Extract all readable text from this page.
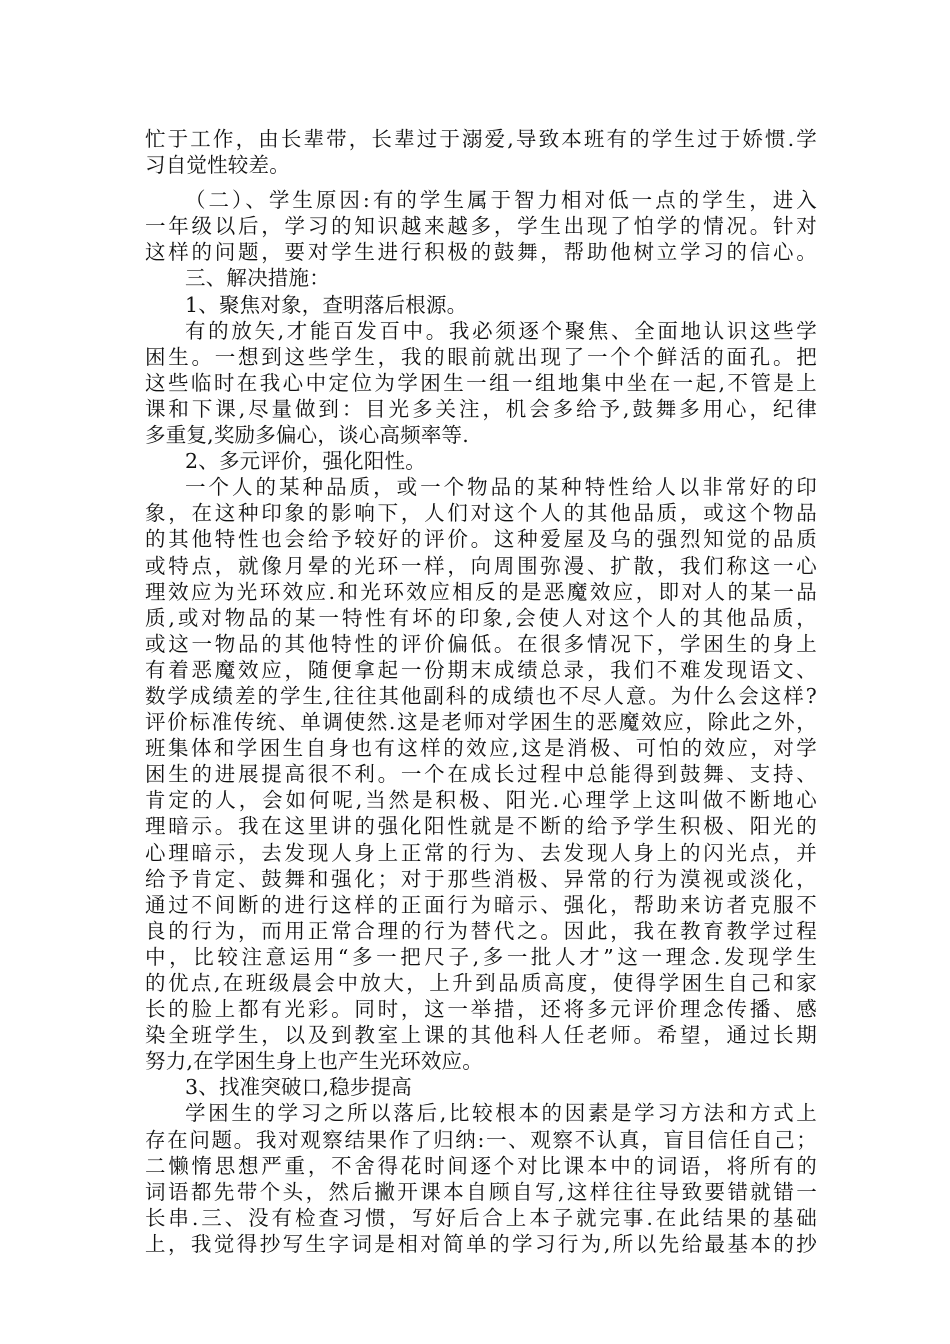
忙于工作，由长辈带，长辈过于溺爱,导致本班有的学生过于娇惯.学
习自觉性较差。
（二）、学生原因:有的学生属于智力相对低一点的学生，进入
一年级以后，学习的知识越来越多，学生出现了怕学的情况。针对
这样的问题，要对学生进行积极的鼓舞，帮助他树立学习的信心。
三、解决措施：
1、聚焦对象，查明落后根源。
有的放矢,才能百发百中。我必须逐个聚焦、全面地认识这些学
困生。一想到这些学生，我的眼前就出现了一个个鲜活的面孔。把
这些临时在我心中定位为学困生一组一组地集中坐在一起,不管是上
课和下课,尽量做到：目光多关注，机会多给予,鼓舞多用心，纪律
多重复,奖励多偏心，谈心高频率等.
2、多元评价，强化阳性。
一个人的某种品质，或一个物品的某种特性给人以非常好的印
象，在这种印象的影响下，人们对这个人的其他品质，或这个物品
的其他特性也会给予较好的评价。这种爱屋及乌的强烈知觉的品质
或特点，就像月晕的光环一样，向周围弥漫、扩散，我们称这一心
理效应为光环效应.和光环效应相反的是恶魔效应，即对人的某一品
质,或对物品的某一特性有坏的印象,会使人对这个人的其他品质，
或这一物品的其他特性的评价偏低。在很多情况下，学困生的身上
有着恶魔效应，随便拿起一份期末成绩总录，我们不难发现语文、
数学成绩差的学生,往往其他副科的成绩也不尽人意。为什么会这样?
评价标准传统、单调使然.这是老师对学困生的恶魔效应，除此之外，
班集体和学困生自身也有这样的效应,这是消极、可怕的效应，对学
困生的进展提高很不利。一个在成长过程中总能得到鼓舞、支持、
肯定的人，会如何呢,当然是积极、阳光.心理学上这叫做不断地心
理暗示。我在这里讲的强化阳性就是不断的给予学生积极、阳光的
心理暗示，去发现人身上正常的行为、去发现人身上的闪光点，并
给予肯定、鼓舞和强化；对于那些消极、异常的行为漠视或淡化，
通过不间断的进行这样的正面行为暗示、强化，帮助来访者克服不
良的行为，而用正常合理的行为替代之。因此，我在教育教学过程
中，比较注意运用“多一把尺子,多一批人才”这一理念.发现学生
的优点,在班级晨会中放大，上升到品质高度，使得学困生自己和家
长的脸上都有光彩。同时，这一举措，还将多元评价理念传播、感
染全班学生，以及到教室上课的其他科人任老师。希望，通过长期
努力,在学困生身上也产生光环效应。
3、找准突破口,稳步提高
学困生的学习之所以落后,比较根本的因素是学习方法和方式上
存在问题。我对观察结果作了归纳:一、观察不认真，盲目信任自己；
二懒惰思想严重，不舍得花时间逐个对比课本中的词语，将所有的
词语都先带个头，然后撇开课本自顾自写,这样往往导致要错就错一
长串.三、没有检查习惯，写好后合上本子就完事.在此结果的基础
上，我觉得抄写生字词是相对简单的学习行为,所以先给最基本的抄
